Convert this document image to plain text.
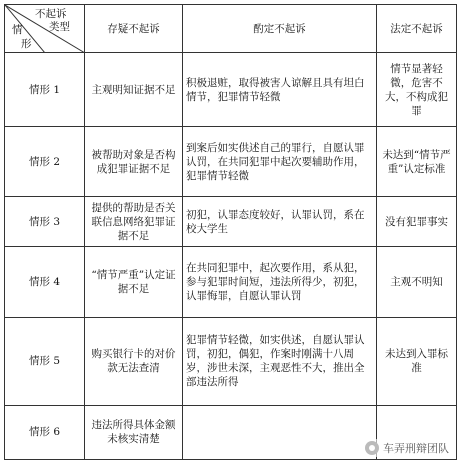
不起诉
类型
情
形	存疑不起诉	酌定不起诉	法定不起诉
情形 1	主观明知证据不足	积极退赃，取得被害人谅解且具有坦白情节，犯罪情节轻微	情节显著轻微，危害不大，不构成犯罪
情形 2	被帮助对象是否构成犯罪证据不足	到案后如实供述自己的罪行，自愿认罪认罚，在共同犯罪中起次要辅助作用，犯罪情节轻微	未达到“情节严重”认定标准
情形 3	提供的帮助是否关联信息网络犯罪证据不足	初犯，认罪态度较好，认罪认罚，系在校大学生	没有犯罪事实
情形 4	“情节严重”认定证据不足	在共同犯罪中，起次要作用，系从犯，参与犯罪时间短，违法所得少，初犯，认罪悔罪，自愿认罪认罚	主观不明知
情形 5	购买银行卡的对价款无法查清	犯罪情节轻微，如实供述，自愿认罪认罚，初犯，偶犯，作案时刚满十八周岁，涉世未深，主观恶性不大，推出全部违法所得	未达到入罪标准
情形 6	违法所得具体金额未核实清楚		
车弄刑辩团队
